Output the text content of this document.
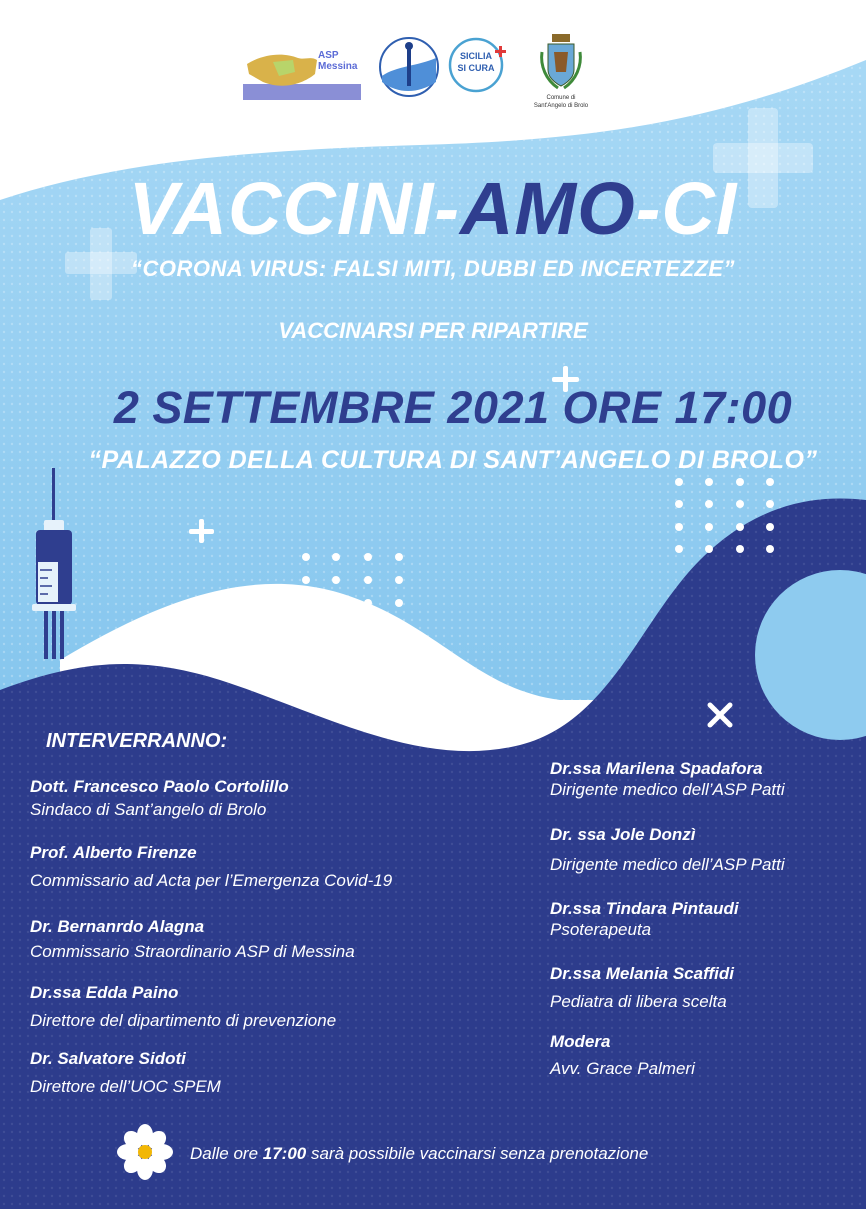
ASP
Messina
SICILIA
SI CURA
Comune di
Sant'Angelo di Brolo
VACCINI-AMO-CI
“CORONA VIRUS: FALSI MITI, DUBBI ED INCERTEZZE”
VACCINARSI PER RIPARTIRE
2 SETTEMBRE 2021 ORE 17:00
“PALAZZO DELLA CULTURA DI SANT’ANGELO DI BROLO”
INTERVERRANNO:
Dott. Francesco Paolo Cortolillo
Sindaco di Sant’angelo di Brolo
Prof. Alberto Firenze
Commissario ad Acta per l’Emergenza Covid-19
Dr. Bernanrdo Alagna
Commissario Straordinario ASP di Messina
Dr.ssa Edda Paino
Direttore del dipartimento di prevenzione
Dr. Salvatore Sidoti
Direttore dell’UOC SPEM
Dr.ssa Marilena Spadafora
Dirigente medico dell’ASP Patti
Dr. ssa Jole Donzì
Dirigente medico dell’ASP Patti
Dr.ssa Tindara Pintaudi
Psoterapeuta
Dr.ssa Melania Scaffidi
Pediatra di libera scelta
Modera
Avv. Grace Palmeri
Dalle ore 17:00 sarà possibile vaccinarsi senza prenotazione
